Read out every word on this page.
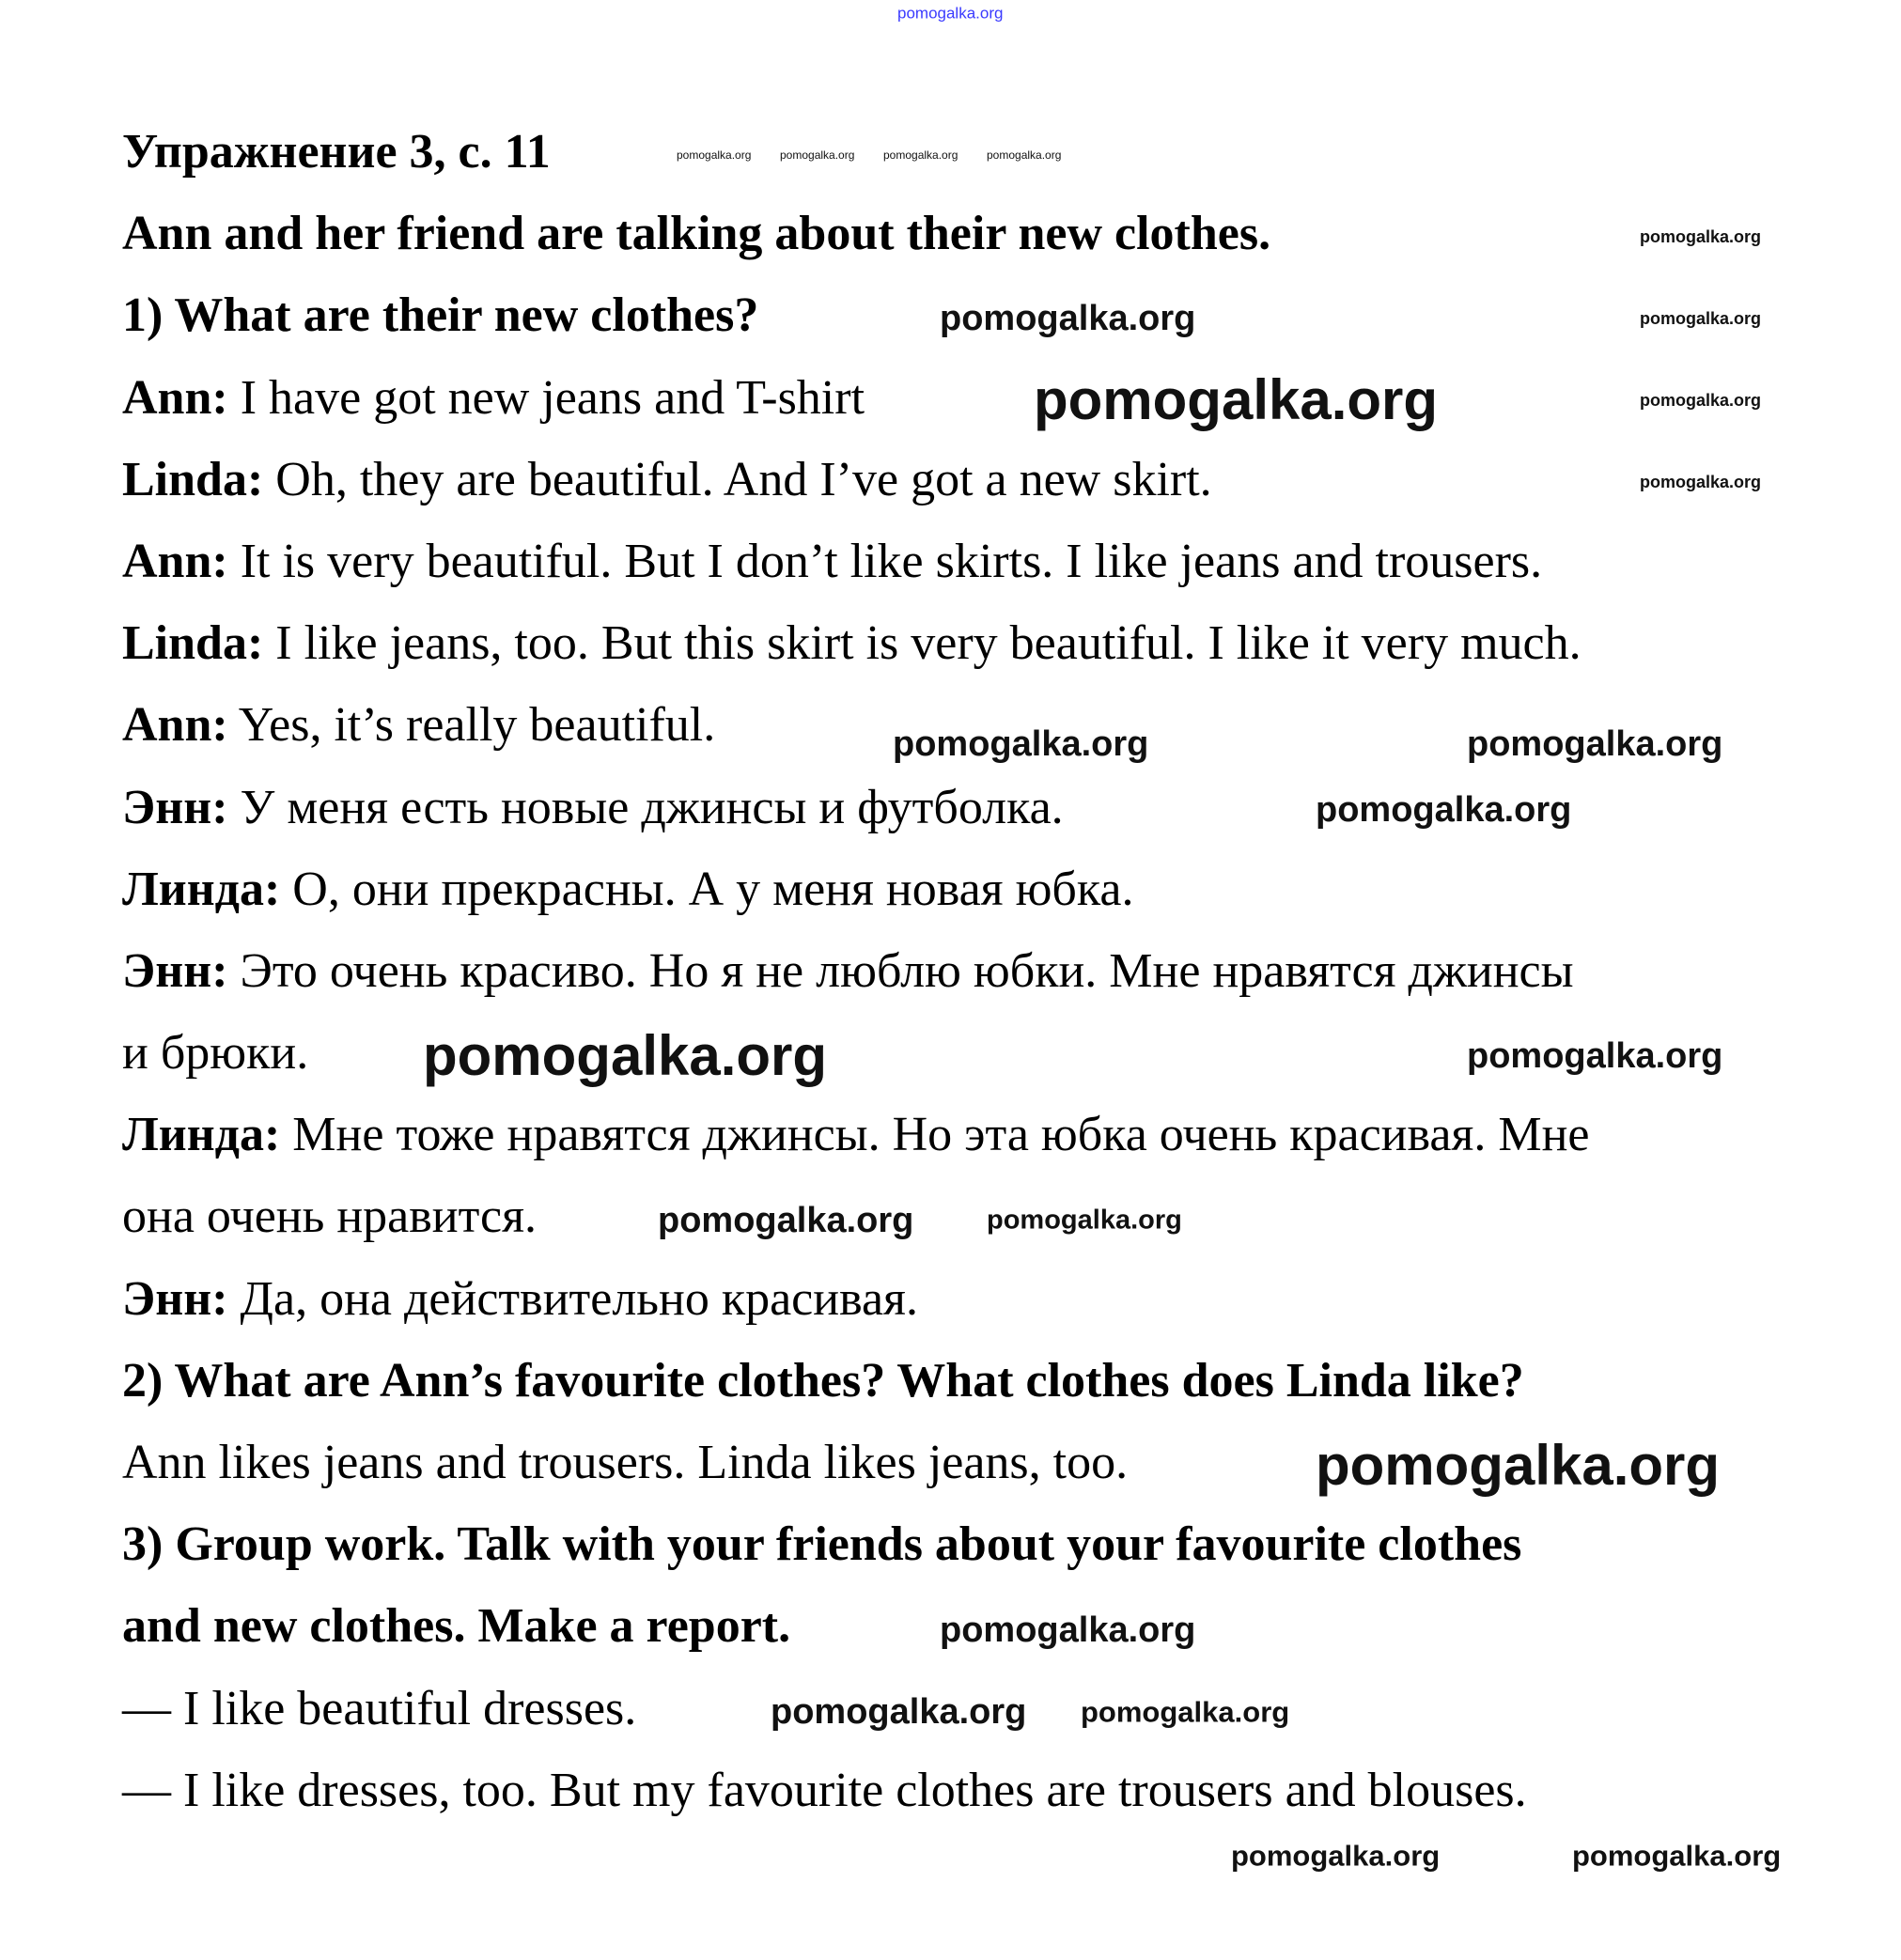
pomogalka.org
Упражнение 3, с. 11
Ann and her friend are talking about their new clothes.
1) What are their new clothes?
Ann: I have got new jeans and T-shirt
Linda: Oh, they are beautiful. And I’ve got a new skirt.
Ann: It is very beautiful. But I don’t like skirts. I like jeans and trousers.
Linda: I like jeans, too. But this skirt is very beautiful. I like it very much.
Ann: Yes, it’s really beautiful.
Энн: У меня есть новые джинсы и футболка.
Линда: О, они прекрасны. А у меня новая юбка.
Энн: Это очень красиво. Но я не люблю юбки. Мне нравятся джинсы
и брюки.
Линда: Мне тоже нравятся джинсы. Но эта юбка очень красивая. Мне
она очень нравится.
Энн: Да, она действительно красивая.
2) What are Ann’s favourite clothes? What clothes does Linda like?
Ann likes jeans and trousers. Linda likes jeans, too.
3) Group work. Talk with your friends about your favourite clothes
and new clothes. Make a report.
— I like beautiful dresses.
— I like dresses, too. But my favourite clothes are trousers and blouses.
pomogalka.org	pomogalka.org	pomogalka.org	pomogalka.org
pomogalka.org
pomogalka.org
pomogalka.org
pomogalka.org
pomogalka.org
pomogalka.org
pomogalka.org
pomogalka.org
pomogalka.org
pomogalka.org
pomogalka.org
pomogalka.org
pomogalka.org
pomogalka.org
pomogalka.org	pomogalka.org
pomogalka.org
pomogalka.org
pomogalka.org
